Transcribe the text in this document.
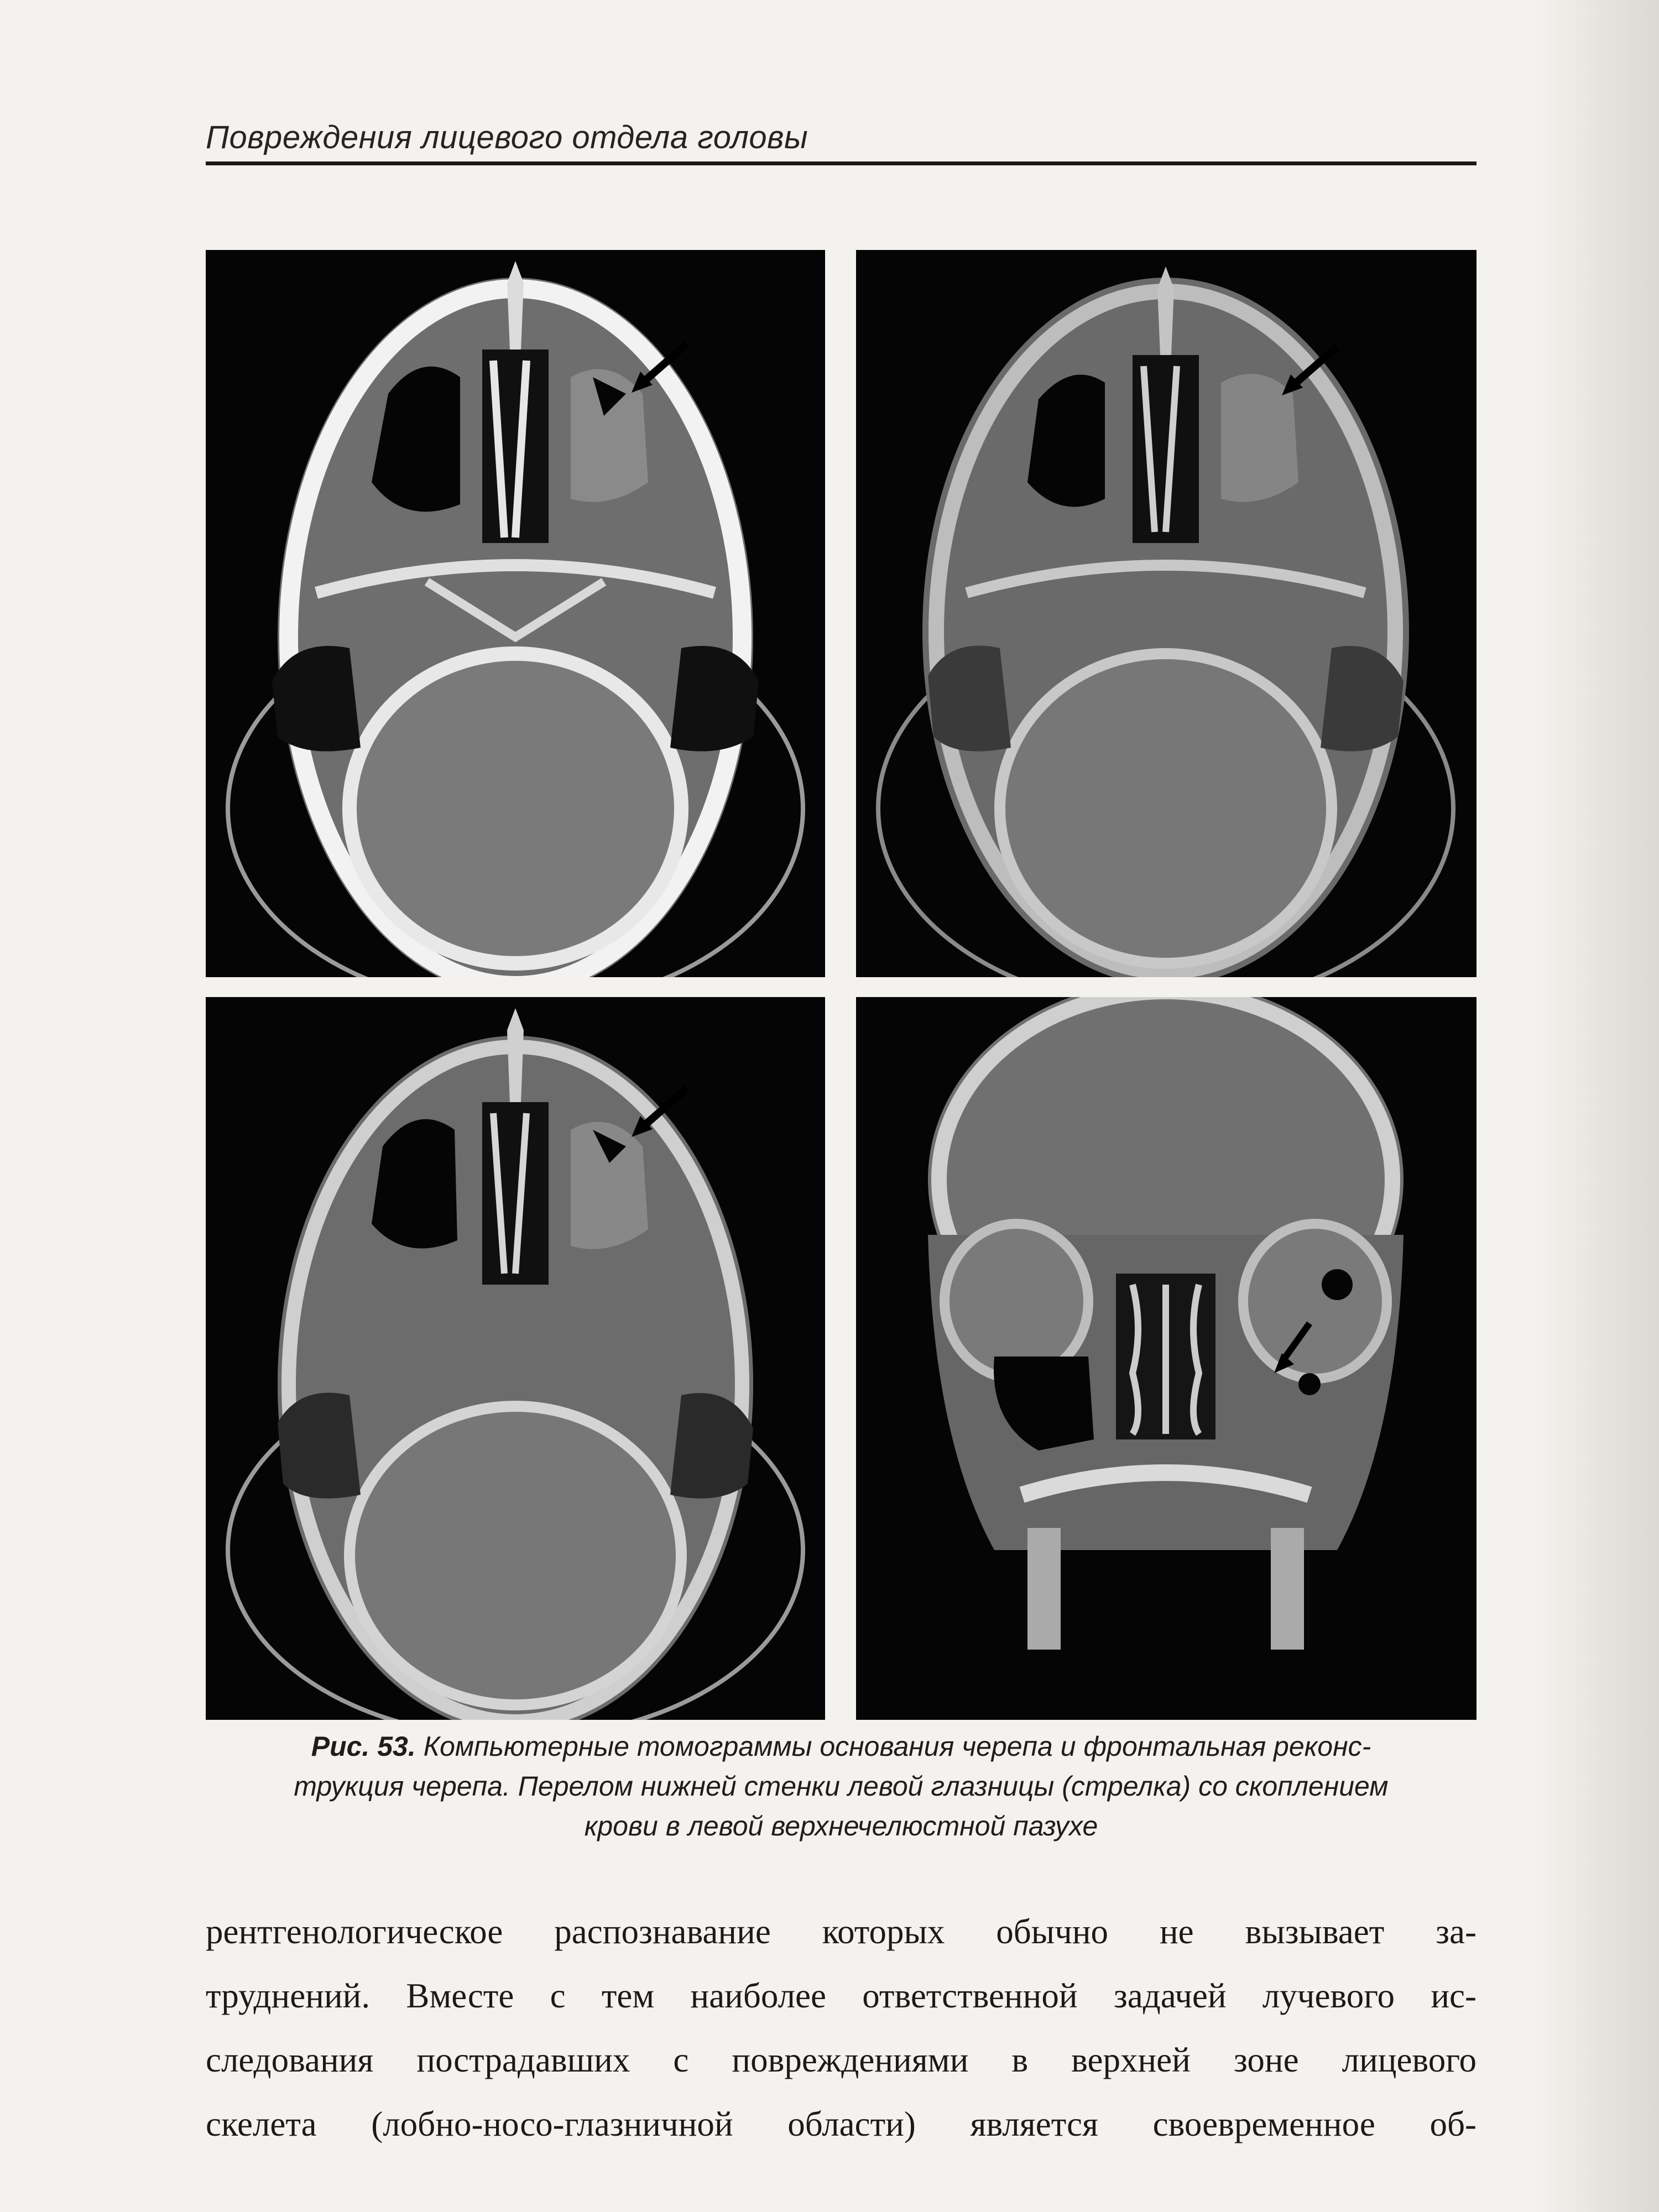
Повреждения лицевого отдела головы
Рис. 53. Компьютерные томограммы основания черепа и фронтальная реконс-
трукция черепа. Перелом нижней стенки левой глазницы (стрелка) со скоплением
крови в левой верхнечелюстной пазухе
рентгенологическое распознавание которых обычно не вызывает за-
труднений. Вместе с тем наиболее ответственной задачей лучевого ис-
следования пострадавших с повреждениями в верхней зоне лицевого
скелета (лобно-носо-глазничной области) является своевременное об-
